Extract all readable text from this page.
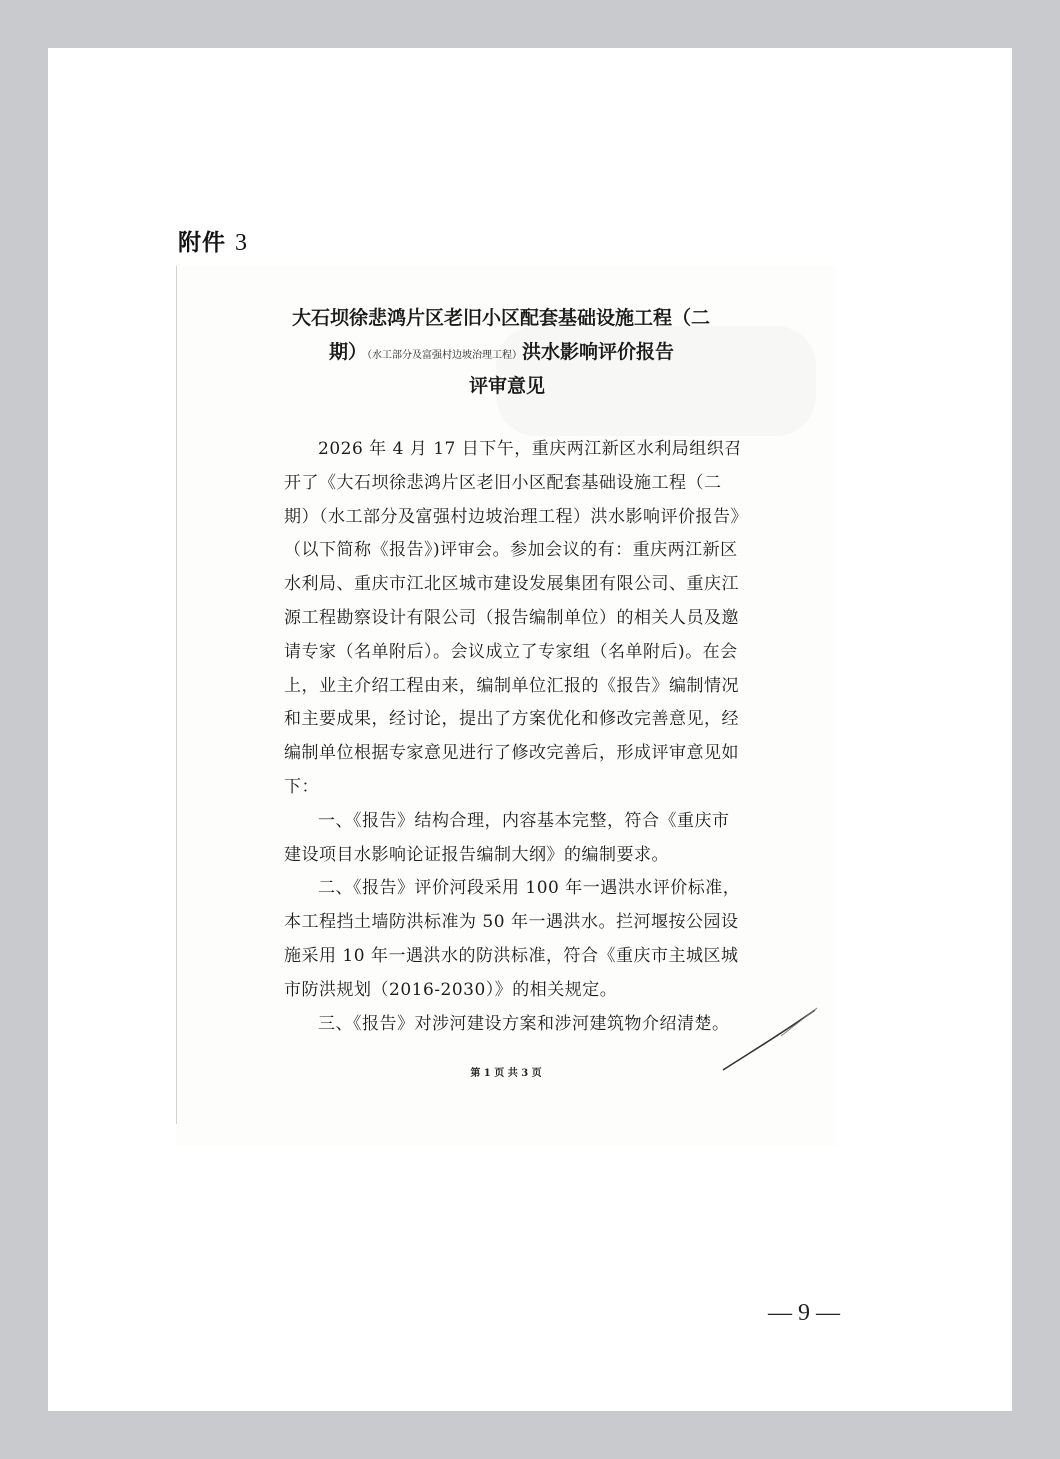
附件 3
大石坝徐悲鸿片区老旧小区配套基础设施工程（二
期）（水工部分及富强村边坡治理工程）洪水影响评价报告
评审意见

2026 年 4 月 17 日下午，重庆两江新区水利局组织召开了《大石坝徐悲鸿片区老旧小区配套基础设施工程（二期）（水工部分及富强村边坡治理工程）洪水影响评价报告》（以下简称《报告》)评审会。参加会议的有：重庆两江新区水利局、重庆市江北区城市建设发展集团有限公司、重庆江源工程勘察设计有限公司（报告编制单位）的相关人员及邀请专家（名单附后）。会议成立了专家组（名单附后)。在会上，业主介绍工程由来，编制单位汇报的《报告》编制情况和主要成果，经讨论，提出了方案优化和修改完善意见，经编制单位根据专家意见进行了修改完善后，形成评审意见如下：

一、《报告》结构合理，内容基本完整，符合《重庆市建设项目水影响论证报告编制大纲》的编制要求。

二、《报告》评价河段采用 100 年一遇洪水评价标准，本工程挡土墙防洪标准为 50 年一遇洪水。拦河堰按公园设施采用 10 年一遇洪水的防洪标准，符合《重庆市主城区城市防洪规划（2016-2030）》的相关规定。

三、《报告》对涉河建设方案和涉河建筑物介绍清楚。

第 1 页 共 3 页
— 9 —
